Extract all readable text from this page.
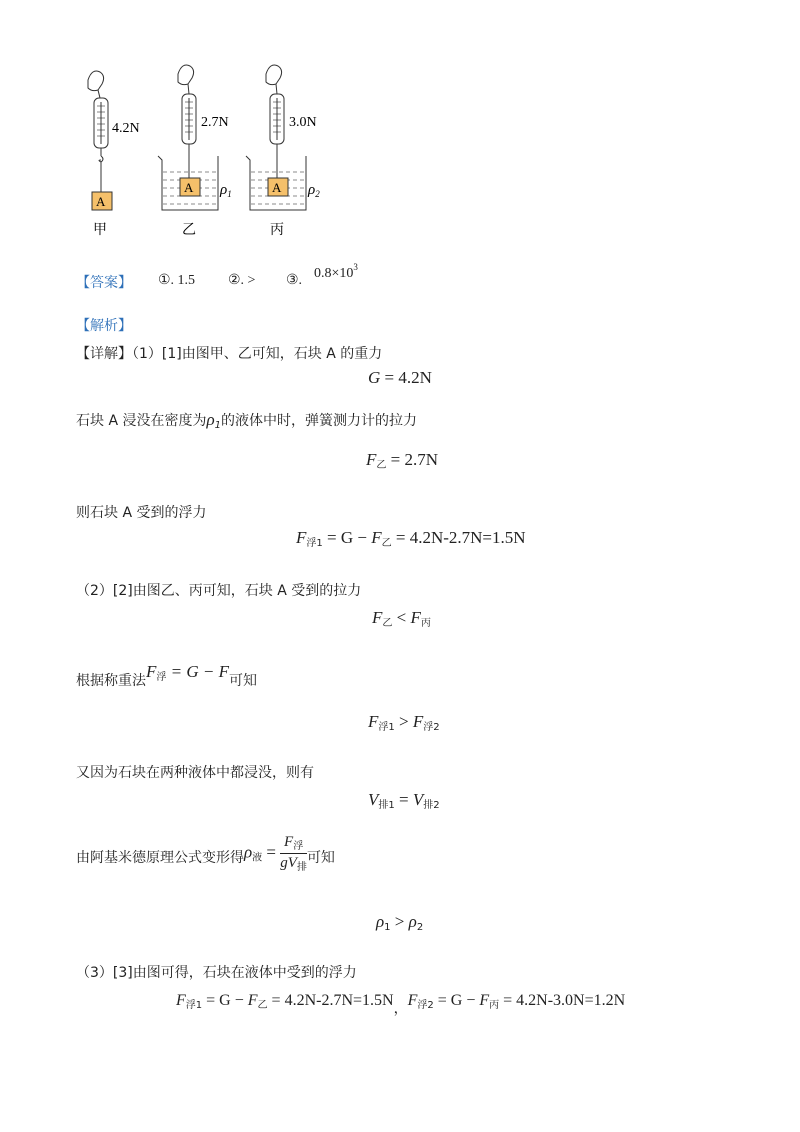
A
4.2N
甲
A
2.7N
$\rho_1$
乙
A
3.0N
$\rho_2$
丙
【答案】 ①. 1.5 ②. > ③. $0.8\times 10^3$
【解析】
【详解】（1）[1]由图甲、乙可知，石块 A 的重力
G = 4.2N
石块 A 浸没在密度为$\rho_1$的液体中时，弹簧测力计的拉力
$F_乙 = 2.7N$
则石块 A 受到的浮力
$F_{浮1} = G - F_乙 = 4.2N-2.7N=1.5N$
（2）[2]由图乙、丙可知，石块 A 受到的拉力
$F_乙 < F_丙$
根据称重法$F_浮 = G - F$可知
$F_{浮1} > F_{浮2}$
又因为石块在两种液体中都浸没，则有
$V_{排1} = V_{排2}$
由阿基米德原理公式变形得$\rho_液 = \frac{F_浮}{gV_排}$ 可知
$\rho_1 > \rho_2$
（3）[3]由图可得，石块在液体中受到的浮力
$F_{浮1} = G - F_乙 = 4.2N-2.7N=1.5N$，$F_{浮2} = G - F_丙 = 4.2N-3.0N=1.2N$
